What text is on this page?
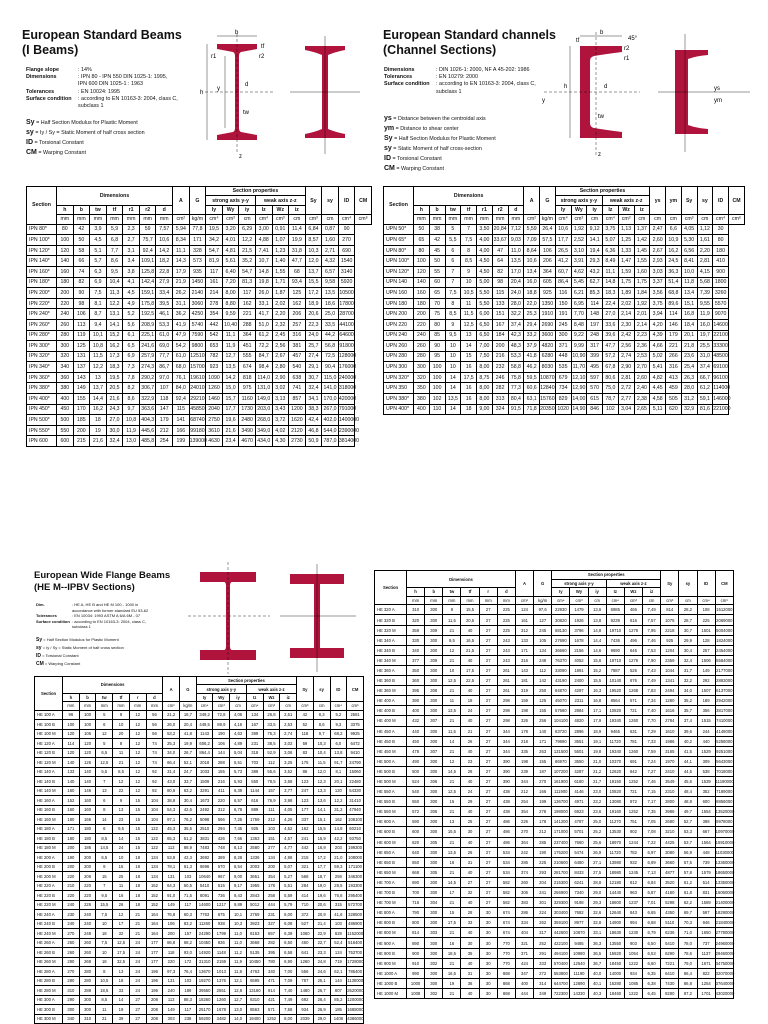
European Standard Beams
(I Beams)
Flange slope	: 14%
Dimensions	: IPN 80 - IPN 550 DIN 1025-1: 1995,
IPN 600 DIN 1025-1 : 1963
Tolerances	: EN 10024: 1995
Surface condition	: according to EN 10163-3: 2004, class C, subclass 1
Sy = Half Section Modulus for Plastic Moment
sy = Iy / Sy = Static Moment of half cross section
ID = Torsional Constant
CM = Warping Constant
b
r1	r2
tf
h
y
d
tw
z
Section	Dimensions							A	G	Section properties						Sy	sy	ID	CM
										strong axis y-y			weak axis z-z						
	h	b	tw	tf	r1	r2	d			Iy	Wy	iy	Iz	Wz	iz				
	mm	mm	mm	mm	mm	mm	mm	cm²	kg/m	cm⁴	cm³	cm	cm⁴	cm³	cm	cm³	cm	cm⁴	cm⁶
IPN 80*	80	42	3,9	5,9	2,3	59	7,57	5,94	77,8	19,5	3,20	6,29	3,00	0,91	11,4	6,84	0,87	90	
IPN 100*	100	50	4,5	6,8	2,7	75,7	10,6	8,34	171	34,2	4,01	12,2	4,88	1,07	19,9	8,57	1,60	270	
IPN 120*	120	58	5,1	7,7	3,1	92,4	14,2	11,1	328	54,7	4,81	21,5	7,41	1,23	31,8	10,3	2,71	690	
IPN 140*	140	66	5,7	8,6	3,4	109,1	18,2	14,3	573	81,9	5,61	35,2	10,7	1,40	47,7	12,0	4,32	1540	
IPN 160*	160	74	6,3	9,5	3,8	125,8	22,8	17,9	935	117	6,40	54,7	14,8	1,55	68	13,7	6,57	3140	
IPN 180*	180	82	6,9	10,4	4,1	142,4	27,9	21,9	1450	161	7,20	81,3	19,8	1,71	93,4	15,5	9,58	5920	
IPN 200*	200	90	7,5	11,3	4,5	159,1	33,4	26,2	2140	214	8,00	117	26,0	1,87	125	17,2	13,5	10500	
IPN 220*	220	98	8,1	12,2	4,9	175,8	39,5	31,1	3060	278	8,80	162	33,1	2,02	162	18,9	18,6	17800	
IPN 240*	240	106	8,7	13,1	5,2	192,5	46,1	36,2	4250	354	9,59	221	41,7	2,20	206	20,6	25,0	28700	
IPN 260*	260	113	9,4	14,1	5,6	208,9	53,3	41,9	5740	442	10,40	288	51,0	2,32	257	22,3	33,5	44100	
IPN 280*	280	119	10,1	15,2	6,1	225,1	61,0	47,9	7590	542	11,1	364	61,2	2,45	316	24,0	44,2	64600	
IPN 300*	300	125	10,8	16,2	6,5	241,6	69,0	54,2	9800	653	11,9	451	72,2	2,56	381	25,7	56,8	91800	
IPN 320*	320	131	11,5	17,3	6,9	257,9	77,7	61,0	12510	782	12,7	555	84,7	2,67	457	27,4	72,5	128000	
IPN 340*	340	137	12,2	18,3	7,3	274,3	86,7	68,0	15700	923	13,5	674	98,4	2,80	540	29,1	90,4	176000	
IPN 360*	360	143	13	19,5	7,8	290,2	97,0	76,1	19610	1090	14,2	818	114,0	2,90	638	30,7	115,0	240000	
IPN 380*	380	149	13,7	20,5	8,2	306,7	107	84,0	24010	1260	15,0	975	131,0	3,02	741	32,4	141,0	318000	
IPN 400*	400	155	14,4	21,6	8,6	322,9	118	92,4	29210	1460	15,7	1160	149,0	3,13	857	34,1	170,0	420000	
IPN 450*	450	170	16,2	24,3	9,7	363,6	147	115	45850	2040	17,7	1730	203,0	3,43	1200	38,3	267,0	791000	
IPN 500*	500	185	18	27,0	10,8	404,3	179	141	68740	2750	19,6	2480	268,0	3,72	1620	42,4	402,0	1400000	
IPN 550*	550	200	19	30,0	11,9	445,6	212	166	99180	3610	21,6	3490	349,0	4,02	2120	46,8	544,0	2390000	
IPN 600	600	215	21,6	32,4	13,0	485,8	254	199	139000	4630	23,4	4670	434,0	4,30	2730	50,9	787,0	3814000	
European Standard channels
(Channel Sections)
Dimensions	: DIN 1026-1: 2000, NF A 45-202: 1986
Tolerances	: EN 10279: 2000
Surface condition	: according to EN 10163-3: 2004, class C, subclass 1
ys = Distance between the centroidal axis
ym = Distance to shear center
Sy = Half Section Modulus for Plastic Moment
sy = Static Moment of half cross-section
ID = Torsional Constant
CM = Warping Constant
b
tf
r1
r2
h	d
tw
y
ys
ym
z
45°
Section	Dimensions							A	G	Section properties						ys	ym	Sy	sy	ID	CM
										strong axis y-y			weak axis z-z								
	h	b	tw	tf	r1	r2	d			Iy	Wy	iy	Iz	Wz	iz						
	mm	mm	mm	mm	mm	mm	mm	cm²	kg/m	cm⁴	cm³	cm	cm⁴	cm³	cm	cm	cm	cm³	cm	cm⁴	cm⁶
UPN 50*	50	38	5	7	3,50	20,84	7,12	5,59	26,4	10,6	1,92	9,12	3,75	1,13	1,37	2,47	6,6	4,05	1,12	30	
UPN 65*	65	42	5,5	7,5	4,00	33,67	9,03	7,09	57,5	17,7	2,52	14,1	5,07	1,25	1,42	2,60	10,9	5,30	1,61	80	
UPN 80*	80	45	6	8	4,00	47	11,0	8,64	106	26,5	3,10	19,4	6,36	1,33	1,45	2,67	16,2	6,56	2,20	180	
UPN 100*	100	50	6	8,5	4,50	64	13,5	10,6	206	41,2	3,91	29,3	8,49	1,47	1,55	2,93	24,5	8,41	2,81	410	
UPN 120*	120	55	7	9	4,50	82	17,0	13,4	364	60,7	4,62	43,2	11,1	1,59	1,60	3,03	36,3	10,0	4,15	900	
UPN 140	140	60	7	10	5,00	98	20,4	16,0	605	86,4	5,45	62,7	14,8	1,75	1,75	3,37	51,4	11,8	5,68	1800	
UPN 160	160	65	7,5	10,5	5,50	115	24,0	18,8	925	116	6,21	85,3	18,3	1,89	1,84	3,56	68,8	13,4	7,39	3260	
UPN 180	180	70	8	11	5,50	133	28,0	22,0	1350	150	6,95	114	22,4	2,02	1,92	3,75	89,6	15,1	9,55	5570	
UPN 200	200	75	8,5	11,5	6,00	151	32,2	25,3	1910	191	7,70	148	27,0	2,14	2,01	3,94	114	16,8	11,9	9070	
UPN 220	220	80	9	12,5	6,50	167	37,4	29,4	2690	245	8,48	197	33,6	2,30	2,14	4,20	146	18,4	16,0	14600	
UPN 240	240	85	9,5	13	6,50	184	42,3	33,2	3600	300	9,22	248	39,6	2,42	2,23	4,39	179	20,1	19,7	22100	
UPN 260	260	90	10	14	7,00	200	48,3	37,9	4820	371	9,99	317	47,7	2,56	2,36	4,66	221	21,8	25,5	33300	
UPN 280	280	95	10	15	7,50	216	53,3	41,8	6280	448	10,90	399	57,2	2,74	2,53	5,02	266	23,6	31,0	48500	
UPN 300	300	100	10	16	8,00	232	58,8	46,2	8030	535	11,70	495	67,8	2,90	2,70	5,41	316	25,4	37,4	69100	
UPN 320*	320	100	14	17,5	8,75	246	75,8	59,5	10870	679	12,10	597	80,6	2,81	2,60	4,82	413	26,3	66,7	96100	
UPN 350	350	100	14	16	8,00	282	77,3	60,6	12840	734	12,90	570	75,0	2,72	2,40	4,45	459	28,0	61,2	114000	
UPN 380*	380	102	13,5	16	8,00	313	80,4	63,1	15760	829	14,00	615	78,7	2,77	2,38	4,58	505	31,2	59,1	146000	
UPN 400*	400	110	14	18	9,00	324	91,5	71,8	20350	1020	14,90	846	102	3,04	2,65	5,11	620	32,9	81,6	221000	
European Wide Flange Beams
(HE M--IPBV Sections)
Dim.	: HE A, HE B and HE M 100 - 1000 in accordance with former standard EU 53-62
Tolerances	: EN 10034: 1993 ASTM A 6/A 6M - 07
Surface condition : according to EN 10163-3: 2004, class C, subclass 1
Sy = Half Section Modulus for Plastic Moment
sy = Iy / Sy = Static Moment of half cross section
ID = Torsional Constant
CM = Warping Constant
Section	Dimensions						A	G	Section properties						Sy	sy	ID	CM
									strong axis y-y			weak axis z-z						
	h	b	tw	tf	r	d			Iy	Wy	iy	Iz	Wz	iz				
	mm	mm	mm	mm	mm	mm	cm²	kg/m	cm⁴	cm³	cm	cm⁴	cm³	cm	cm³	cm	cm⁴	cm⁶
HE 100 A	96	100	5	8	12	56	21,2	16,7	349,2	72,8	4,06	134	26,8	2,51	42	8,3	5,2	2581
HE 100 B	100	100	6	10	12	56	26,0	20,4	449,5	89,9	4,16	167	33,5	2,53	52	8,6	9,3	3375
HE 100 M	120	106	12	20	12	56	53,2	41,8	1143	190	4,63	399	75,3	2,74	118	9,7	68,2	9925
HE 120 A	114	120	5	8	12	74	25,3	19,9	606,2	106	4,89	231	38,5	3,02	59	10,3	6,0	6472
HE 120 B	120	120	6,5	11	12	74	34,0	26,7	864,4	144	5,04	318	52,9	3,06	83	10,4	13,8	9410
HE 120 M	140	126	12,5	21	12	74	66,4	52,1	2018	288	5,51	703	112	3,25	175	11,5	91,7	24790
HE 140 A	133	140	5,5	8,5	12	92	31,4	24,7	1033	155	5,73	389	55,6	3,52	86	12,0	8,1	15060
HE 140 B	140	140	7	12	12	92	43,0	33,7	1509	216	5,93	550	78,5	3,58	123	12,3	20,1	22480
HE 140 M	160	146	13	22	12	92	80,6	63,2	3291	411	6,39	1144	157	3,77	247	13,3	120	54330
HE 160 A	152	160	6	9	15	104	38,8	30,4	1673	220	6,57	616	76,9	3,98	123	13,6	12,2	31410
HE 160 B	160	160	8	13	15	104	54,3	42,6	2492	312	6,78	889	111	4,05	177	14,1	31,2	47940
HE 160 M	180	166	14	23	15	104	97,1	76,2	5098	566	7,25	1759	212	4,26	337	15,1	162	108100
HE 180 A	171	180	6	9,5	15	122	45,3	35,5	2510	294	7,45	925	103	4,52	162	15,5	14,8	60210
HE 180 B	180	180	8,5	14	15	122	65,3	51,2	3831	426	7,66	1363	151	4,57	241	15,9	42,2	93750
HE 180 M	200	186	14,5	24	15	122	113	88,9	7483	748	8,13	2580	277	4,77	442	16,9	203	199300
HE 200 A	190	200	6,5	10	18	134	53,8	42,3	3692	389	8,28	1336	134	4,98	215	17,2	21,0	108000
HE 200 B	200	200	9	15	18	134	78,1	61,3	5696	570	8,54	2003	200	5,07	321	17,7	59,3	171100
HE 200 M	220	206	15	25	18	134	131	103	10640	967	9,00	3651	354	5,27	568	18,7	259	346300
HE 220 A	210	220	7	11	18	152	64,3	50,5	5410	515	9,17	1955	178	5,51	284	19,0	28,5	193300
HE 220 B	220	220	9,5	16	18	152	91,0	71,5	8091	736	9,43	2843	258	5,59	414	19,6	76,6	295400
HE 220 M	240	226	15,5	26	18	152	149	117	14600	1217	9,89	5012	444	5,79	710	20,6	315	572700
HE 240 A	230	240	7,5	12	21	164	76,8	60,3	7763	675	10,1	2769	231	6,00	372	20,9	41,6	328500
HE 240 B	240	240	10	17	21	164	106	83,2	11260	938	10,3	3923	327	6,08	527	21,4	103	486900
HE 240 M	270	248	18	32	21	164	200	157	24290	1799	11,0	8153	657	6,39	1060	22,9	628	1152000
HE 260 A	250	260	7,5	12,5	24	177	86,8	68,2	10450	836	11,0	3668	282	6,50	460	22,7	52,4	516400
HE 260 B	260	260	10	17,5	24	177	118	93,0	14920	1148	11,2	5135	395	6,58	641	23,3	124	753700
HE 260 M	290	268	18	32,5	24	177	220	172	31310	2159	11,9	10450	780	6,90	1260	24,8	719	1728000
HE 280 A	270	280	8	13	24	196	97,3	76,4	13670	1013	11,9	4763	340	7,00	556	24,6	62,1	785400
HE 280 B	280	280	10,5	18	24	196	131	103	19270	1376	12,1	6595	471	7,09	767	25,1	144	1130000
HE 280 M	310	288	18,5	33	24	196	240	189	39550	2551	12,8	13160	914	7,40	1480	26,7	807	2520000
HE 300 A	290	300	8,5	14	27	208	113	88,3	18260	1260	12,7	6310	421	7,49	692	26,4	85,2	1200000
HE 300 B	300	300	11	19	27	208	149	117	25170	1678	13,0	8563	571	7,58	934	26,9	185	1688000
HE 300 M	340	310	21	39	27	208	303	238	59200	3482	14,0	19400	1252	8,00	2039	29,0	1408	4386000
Section	Dimensions						A	G	Section properties						Sy	sy	ID	CM
									strong axis y-y			weak axis z-z						
	h	b	tw	tf	r	d			Iy	Wy	iy	Iz	Wz	iz				
	mm	mm	mm	mm	mm	mm	cm²	kg/m	cm⁴	cm³	cm	cm⁴	cm³	cm	cm³	cm	cm⁴	cm⁶
HE 320 A	310	300	9	15,5	27	225	124	97,6	22930	1479	13,6	6985	466	7,49	814	28,2	108	1512000
HE 320 B	320	300	11,5	20,5	27	225	161	127	30820	1926	13,8	9239	616	7,57	1075	28,7	225	2069000
HE 320 M	359	309	21	40	27	225	312	245	68130	3796	14,8	19710	1276	7,95	2218	30,7	1501	5004000
HE 340 A	330	300	9,5	16,5	27	243	133	105	27690	1678	14,4	7436	496	7,46	925	29,9	128	1824000
HE 340 B	340	300	12	21,5	27	243	171	134	36660	2156	14,6	9690	646	7,53	1204	30,4	257	2454000
HE 340 M	377	309	21	40	27	243	316	248	76370	4052	15,6	19710	1276	7,90	2359	32,4	1506	5584000
HE 360 A	350	300	10	17,5	27	261	143	112	33090	1891	15,2	7887	526	7,43	1044	31,7	149	2177000
HE 360 B	360	300	12,5	22,5	27	261	181	142	43190	2400	15,5	10140	676	7,49	1341	32,2	292	2883000
HE 360 M	395	308	21	40	27	261	319	250	84870	4297	16,3	19520	1268	7,83	2494	34,0	1507	6137000
HE 400 A	390	300	11	19	27	298	159	125	45070	2311	16,8	8564	571	7,34	1280	35,2	189	2942000
HE 400 B	400	300	13,5	24	27	298	198	155	57680	2884	17,1	10820	721	7,40	1616	35,7	356	3817000
HE 400 M	432	307	21	40	27	298	326	256	104100	4820	17,9	19340	1260	7,70	2784	37,4	1515	7410000
HE 450 A	440	300	11,5	21	27	344	178	140	63720	2896	18,9	9465	631	7,29	1610	39,6	244	4148000
HE 450 B	450	300	14	26	27	344	218	171	79890	3551	19,1	11720	781	7,33	1986	40,2	440	5258000
HE 450 M	478	307	21	40	27	344	335	263	131500	5501	19,8	19340	1260	7,59	3165	41,5	1529	9251000
HE 500 A	490	300	12	23	27	390	198	155	86970	3550	21,0	10370	691	7,24	1970	44,1	309	5643000
HE 500 B	500	300	14,5	28	27	390	239	187	107200	4287	21,2	12620	842	7,27	2410	44,5	538	7018000
HE 500 M	524	306	21	40	27	390	344	270	161900	6180	21,7	19150	1252	7,46	3549	45,6	1539	11190000
HE 550 A	540	300	12,5	24	27	438	212	166	111900	4146	23,0	10820	721	7,15	2310	48,4	352	7189000
HE 550 B	550	300	15	29	27	438	254	199	136700	4971	23,2	13080	872	7,17	2800	48,8	600	8856000
HE 550 M	572	306	21	40	27	438	354	278	198000	6923	23,6	19160	1252	7,35	3986	49,7	1554	13520000
HE 600 A	590	300	13	25	27	486	226	178	141200	4787	25,0	11270	751	7,05	2680	52,7	398	8978000
HE 600 B	600	300	15,5	30	27	486	270	212	171000	5701	25,2	13530	902	7,08	3210	53,3	667	10970000
HE 600 M	620	305	21	40	27	486	364	285	237400	7660	25,6	18970	1244	7,22	4425	53,7	1564	15910000
HE 650 A	640	300	13,5	26	27	534	242	190	175200	5474	26,9	11720	782	6,97	3080	56,9	448	11030000
HE 650 B	650	300	16	31	27	534	286	225	210600	6480	27,1	13980	932	6,99	3660	57,5	739	13360000
HE 650 M	668	305	21	40	27	534	374	293	281700	8433	27,5	18980	1245	7,13	4877	57,8	1579	18650000
HE 700 A	690	300	14,5	27	27	582	260	204	215300	6241	28,8	12180	812	6,84	3520	61,2	514	13350000
HE 700 B	700	300	17	32	27	582	306	241	256900	7340	29,0	14440	963	6,87	4160	61,8	831	16060000
HE 700 M	716	304	21	40	27	582	383	301	329300	9198	29,3	18800	1237	7,01	5298	62,2	1589	21400000
HE 800 A	790	300	15	28	30	674	286	224	303400	7682	32,6	12640	843	6,65	4350	69,7	597	18290000
HE 800 B	800	300	17,5	33	30	674	334	262	359100	8977	32,8	14900	994	6,68	5110	70,3	946	21840000
HE 800 M	814	303	21	40	30	674	404	317	442600	10870	33,1	18630	1230	6,79	6236	71,0	1650	27780000
HE 900 A	890	300	16	30	30	770	321	252	422100	9485	36,3	13550	903	6,50	5410	78,0	737	24960000
HE 900 B	900	300	18,5	35	30	770	371	291	494100	10980	36,5	15820	1054	6,53	6290	78,6	1137	29460000
HE 900 M	910	302	21	40	30	770	424	333	570400	12540	36,7	18450	1222	6,60	7221	79,0	1671	34750000
HE 1000 A	990	300	16,5	31	30	868	347	272	553800	11190	40,0	14000	934	6,35	6410	86,4	822	32070000
HE 1000 B	1000	300	19	36	30	868	400	314	644700	12890	40,1	16280	1085	6,38	7430	86,8	1254	37640000
HE 1000 M	1008	302	21	40	30	868	444	349	722300	14330	40,3	18460	1222	6,45	8280	87,2	1701	43020000
